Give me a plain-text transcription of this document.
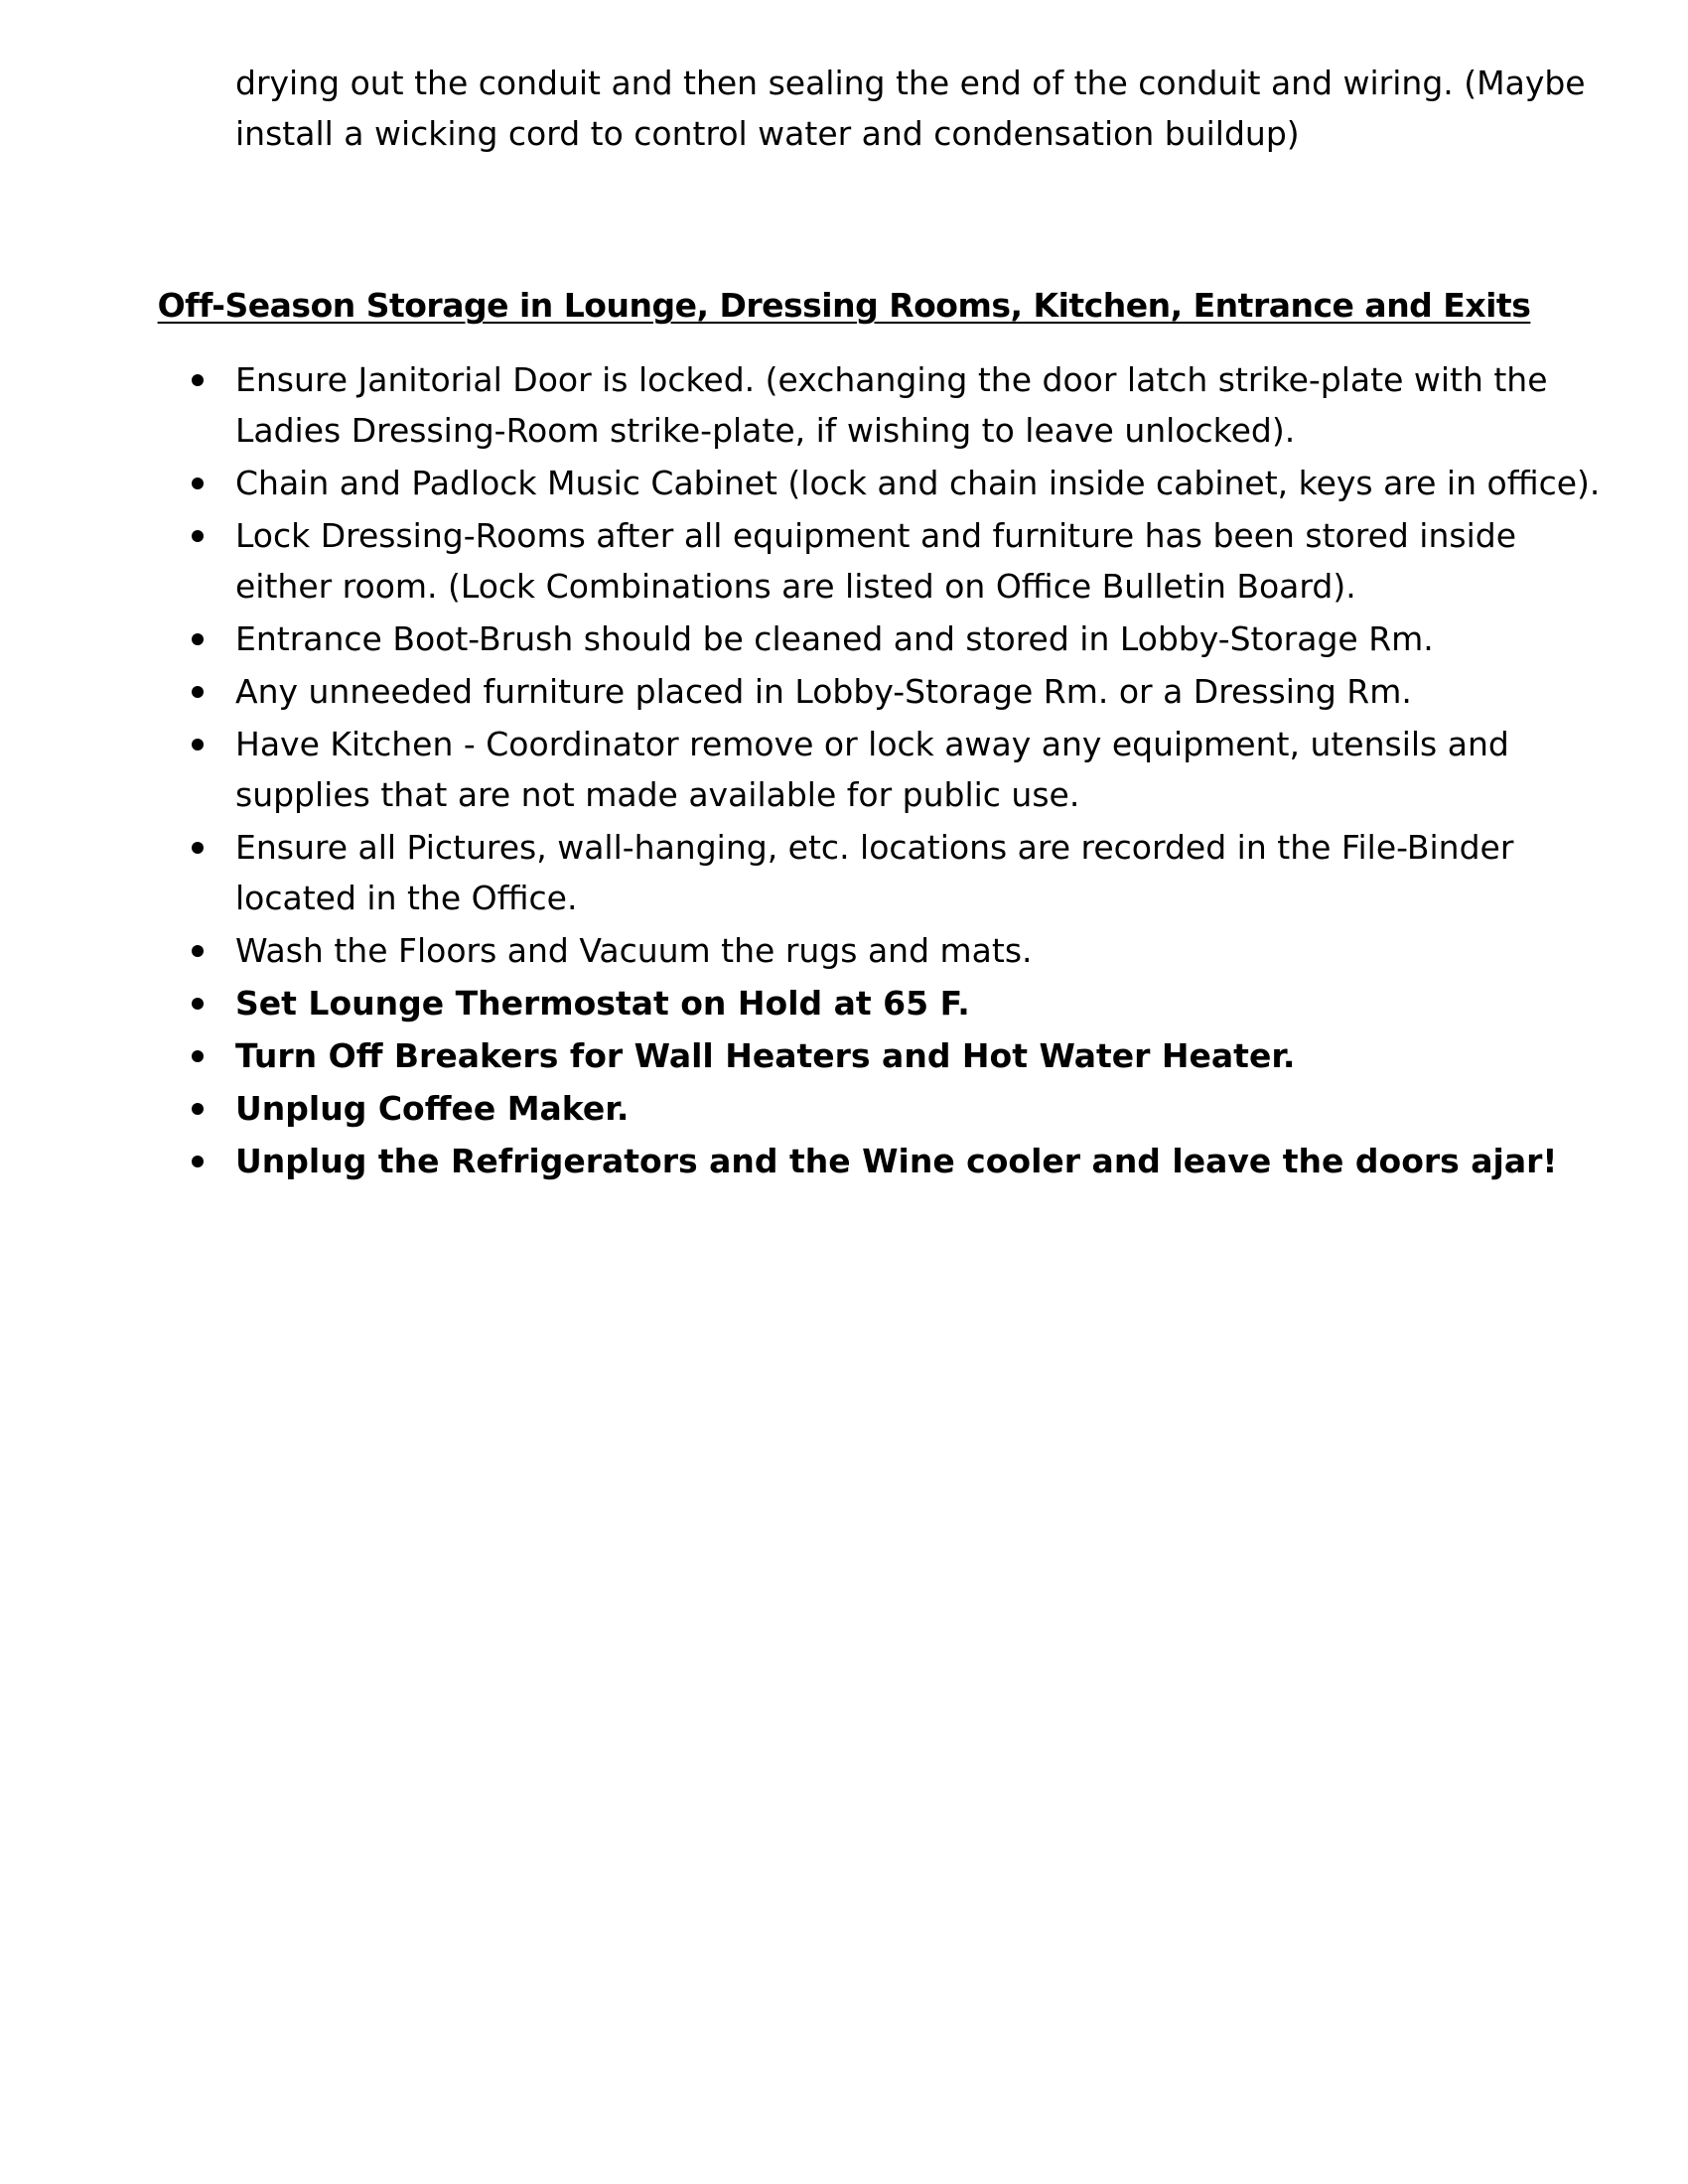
drying out the conduit and then sealing the end of the conduit and wiring. (Maybe

install a wicking cord to control water and condensation buildup)

Off-Season Storage in Lounge, Dressing Rooms, Kitchen, Entrance and Exits
Ensure Janitorial Door is locked. (exchanging the door latch strike-plate with the
Ladies Dressing-Room strike-plate, if wishing to leave unlocked).
Chain and Padlock Music Cabinet (lock and chain inside cabinet, keys are in office).
Lock Dressing-Rooms after all equipment and furniture has been stored inside
either room. (Lock Combinations are listed on Office Bulletin Board).
Entrance Boot-Brush should be cleaned and stored in Lobby-Storage Rm.
Any unneeded furniture placed in Lobby-Storage Rm. or a Dressing Rm.
Have Kitchen - Coordinator remove or lock away any equipment, utensils and
supplies that are not made available for public use.
Ensure all Pictures, wall-hanging, etc. locations are recorded in the File-Binder
located in the Office.
Wash the Floors and Vacuum the rugs and mats.
Set Lounge Thermostat on Hold at 65 F.
Turn Off Breakers for Wall Heaters and Hot Water Heater.
Unplug Coffee Maker.
Unplug the Refrigerators and the Wine cooler and leave the doors ajar!
